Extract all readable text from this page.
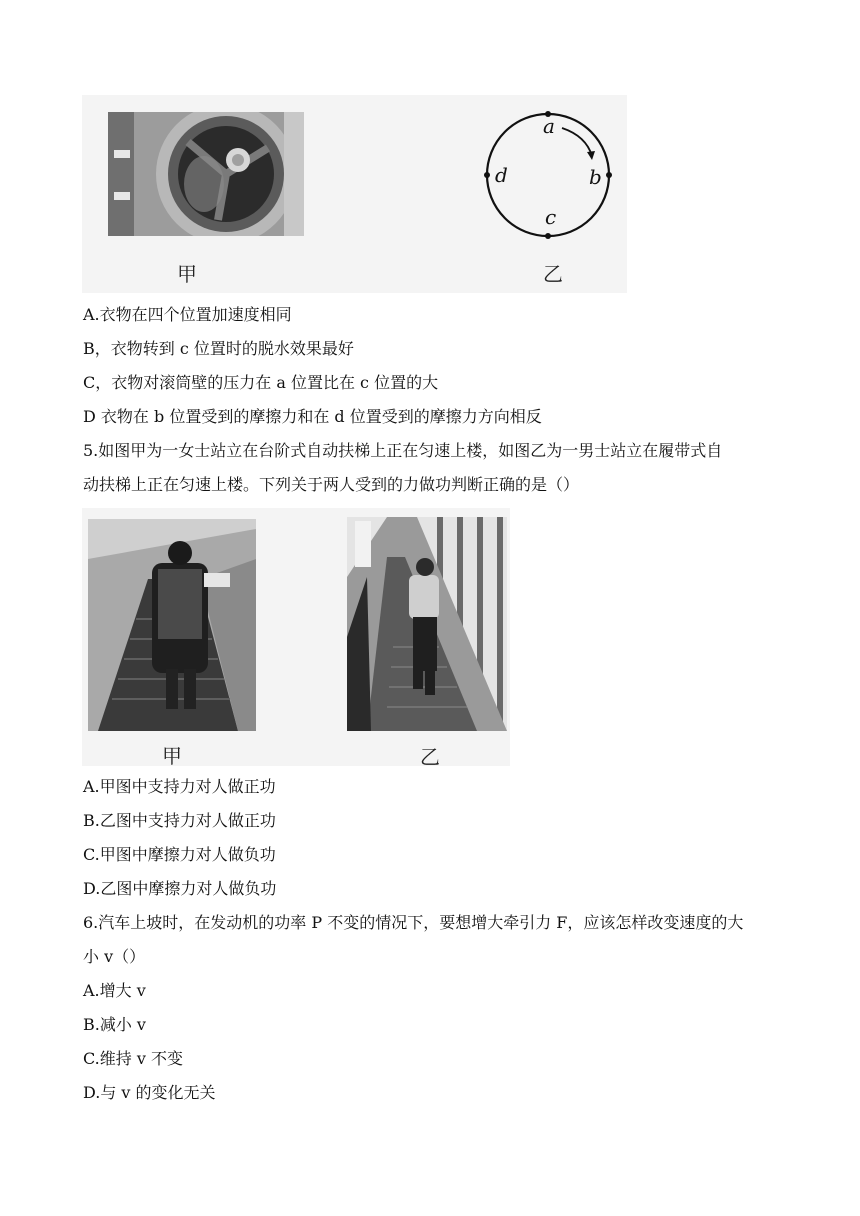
甲
a
b
c
d
乙
A.衣物在四个位置加速度相同
B，衣物转到 c 位置时的脱水效果最好
C，衣物对滚筒壁的压力在 a 位置比在 c 位置的大
D 衣物在 b 位置受到的摩擦力和在 d 位置受到的摩擦力方向相反
5.如图甲为一女士站立在台阶式自动扶梯上正在匀速上楼，如图乙为一男士站立在履带式自
动扶梯上正在匀速上楼。下列关于两人受到的力做功判断正确的是（）
甲	乙
A.甲图中支持力对人做正功
B.乙图中支持力对人做正功
C.甲图中摩擦力对人做负功
D.乙图中摩擦力对人做负功
6.汽车上坡时，在发动机的功率 P 不变的情况下，要想增大牵引力 F，应该怎样改变速度的大
小 v（）
A.增大 v
B.减小 v
C.维持 v 不变
D.与 v 的变化无关
